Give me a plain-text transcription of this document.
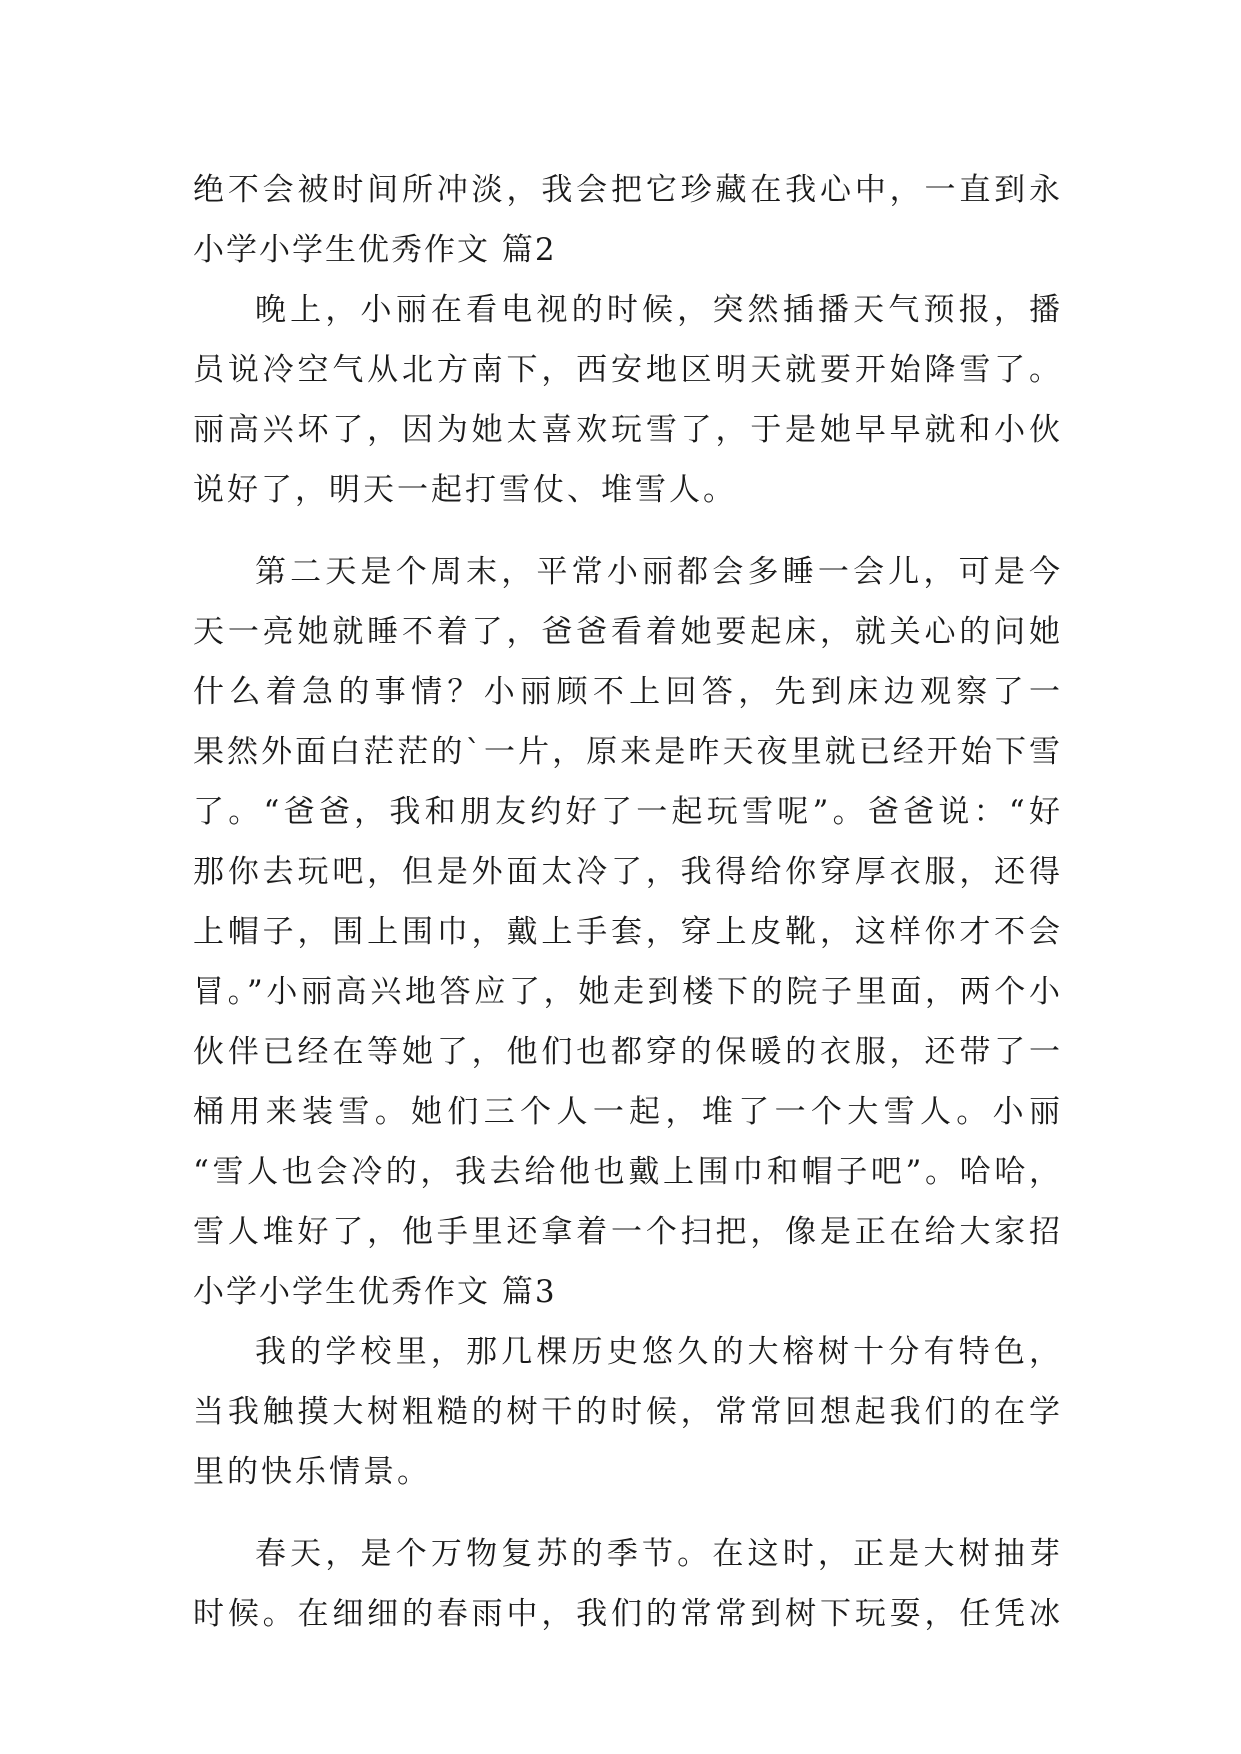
绝不会被时间所冲淡，我会把它珍藏在我心中，一直到永
小学小学生优秀作文 篇2
晚上，小丽在看电视的时候，突然插播天气预报，播
员说冷空气从北方南下，西安地区明天就要开始降雪了。
丽高兴坏了，因为她太喜欢玩雪了，于是她早早就和小伙
说好了，明天一起打雪仗、堆雪人。
第二天是个周末，平常小丽都会多睡一会儿，可是今
天一亮她就睡不着了，爸爸看着她要起床，就关心的问她
什么着急的事情？小丽顾不上回答，先到床边观察了一
果然外面白茫茫的`一片，原来是昨天夜里就已经开始下雪
了。“爸爸，我和朋友约好了一起玩雪呢”。爸爸说：“好
那你去玩吧，但是外面太冷了，我得给你穿厚衣服，还得
上帽子，围上围巾，戴上手套，穿上皮靴，这样你才不会
冒。”小丽高兴地答应了，她走到楼下的院子里面，两个小
伙伴已经在等她了，他们也都穿的保暖的衣服，还带了一
桶用来装雪。她们三个人一起，堆了一个大雪人。小丽
“雪人也会冷的，我去给他也戴上围巾和帽子吧”。哈哈，
雪人堆好了，他手里还拿着一个扫把，像是正在给大家招
小学小学生优秀作文 篇3
我的学校里，那几棵历史悠久的大榕树十分有特色，
当我触摸大树粗糙的树干的时候，常常回想起我们的在学
里的快乐情景。
春天，是个万物复苏的季节。在这时，正是大树抽芽
时候。在细细的春雨中，我们的常常到树下玩耍，任凭冰
